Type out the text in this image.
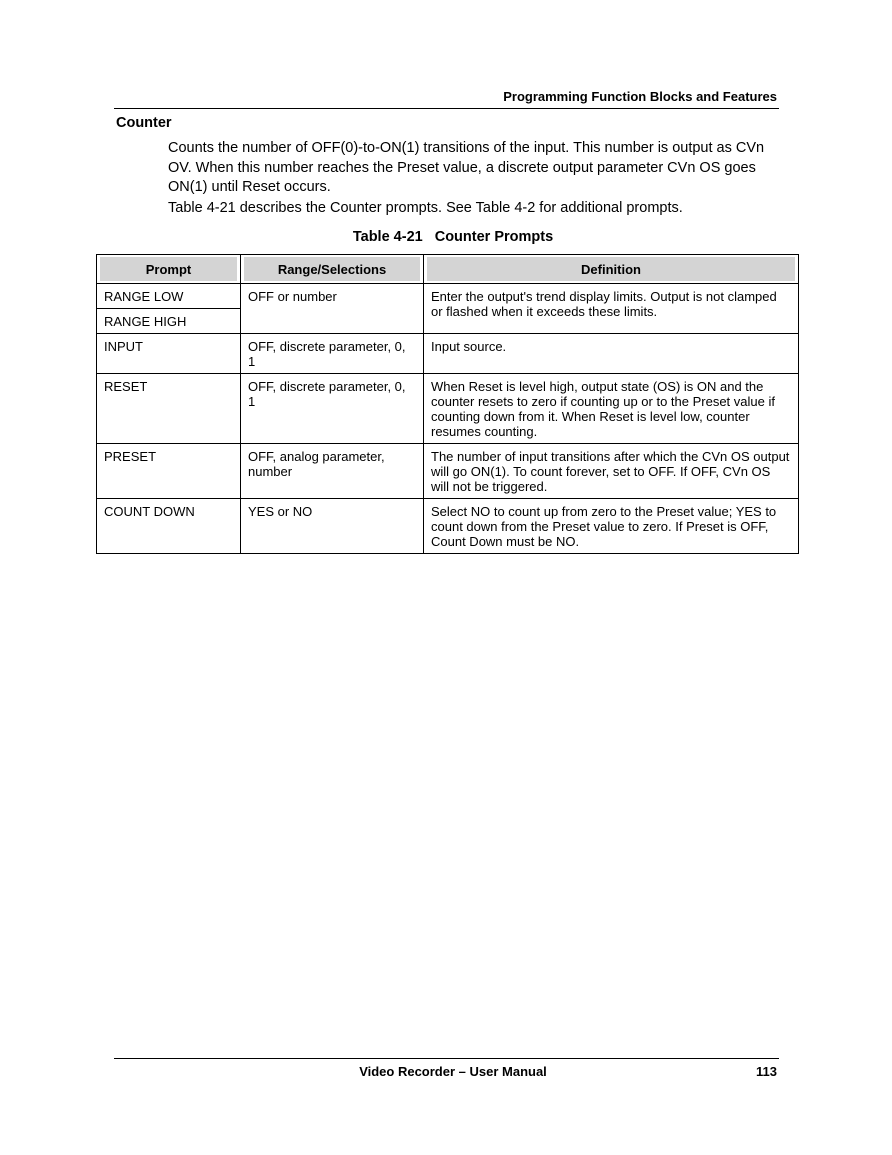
Programming Function Blocks and Features
Counter
Counts the number of OFF(0)-to-ON(1) transitions of the input. This number is output as CVn OV. When this number reaches the Preset value, a discrete output parameter CVn OS goes ON(1) until Reset occurs.
Table 4-21 describes the Counter prompts. See Table 4-2 for additional prompts.
Table 4-21 Counter Prompts
Prompt	Range/Selections	Definition

RANGE LOW	OFF or number	Enter the output's trend display limits. Output is not clamped or flashed when it exceeds these limits.
RANGE HIGH		
INPUT	OFF, discrete parameter, 0, 1	Input source.
RESET	OFF, discrete parameter, 0, 1	When Reset is level high, output state (OS) is ON and the counter resets to zero if counting up or to the Preset value if counting down from it. When Reset is level low, counter resumes counting.
PRESET	OFF, analog parameter, number	The number of input transitions after which the CVn OS output will go ON(1). To count forever, set to OFF. If OFF, CVn OS will not be triggered.
COUNT DOWN	YES or NO	Select NO to count up from zero to the Preset value; YES to count down from the Preset value to zero. If Preset is OFF, Count Down must be NO.
Video Recorder – User Manual	113
